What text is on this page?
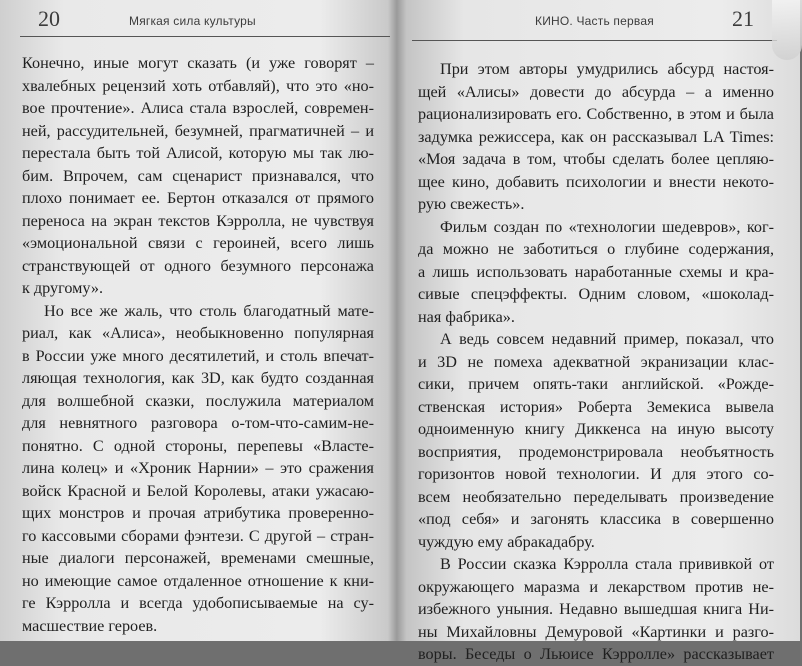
20	Мягкая сила культуры
Конечно, иные могут сказать (и уже говорят –
хвалебных рецензий хоть отбавляй), что это «но-
вое прочтение». Алиса стала взрослей, современ-
ней, рассудительней, безумней, прагматичней – и
перестала быть той Алисой, которую мы так лю-
бим. Впрочем, сам сценарист признавался, что
плохо понимает ее. Бертон отказался от прямого
переноса на экран текстов Кэрролла, не чувствуя
«эмоциональной связи с героиней, всего лишь
странствующей от одного безумного персонажа
к другому».
Но все же жаль, что столь благодатный мате-
риал, как «Алиса», необыкновенно популярная
в России уже много десятилетий, и столь впечат-
ляющая технология, как 3D, как будто созданная
для волшебной сказки, послужила материалом
для невнятного разговора о-том-что-самим-не-
понятно. С одной стороны, перепевы «Властe-
лина колец» и «Хроник Нарнии» – это сражения
войск Красной и Белой Королевы, атаки ужасаю-
щих монстров и прочая атрибутика проверенно-
го кассовыми сборами фэнтези. С другой – стран-
ные диалоги персонажей, временами смешные,
но имеющие самое отдаленное отношение к кни-
ге Кэрролла и всегда удобописываемые на су-
масшествие героев.
КИНО. Часть первая	21
При этом авторы умудрились абсурд настоя-
щей «Алисы» довести до абсурда – а именно
рационализировать его. Собственно, в этом и была
задумка режиссера, как он рассказывал LA Times:
«Моя задача в том, чтобы сделать более цепляю-
щее кино, добавить психологии и внести некото-
рую свежесть».
Фильм создан по «технологии шедевров», ког-
да можно не заботиться о глубине содержания,
а лишь использовать наработанные схемы и кра-
сивые спецэффекты. Одним словом, «шоколад-
ная фабрика».
А ведь совсем недавний пример, показал, что
и 3D не помеха адекватной экранизации клас-
сики, причем опять-таки английской. «Рожде-
ственская история» Роберта Земекиса вывела
одноименную книгу Диккенса на иную высоту
восприятия, продемонстрировала необъятность
горизонтов новой технологии. И для этого со-
всем необязательно переделывать произведение
«под себя» и загонять классика в совершенно
чуждую ему абракадабру.
В России сказка Кэрролла стала прививкой от
окружающего маразма и лекарством против не-
избежного уныния. Недавно вышедшая книга Ни-
ны Михайловны Демуровой «Картинки и разго-
воры. Беседы о Льюисе Кэрролле» рассказывает
